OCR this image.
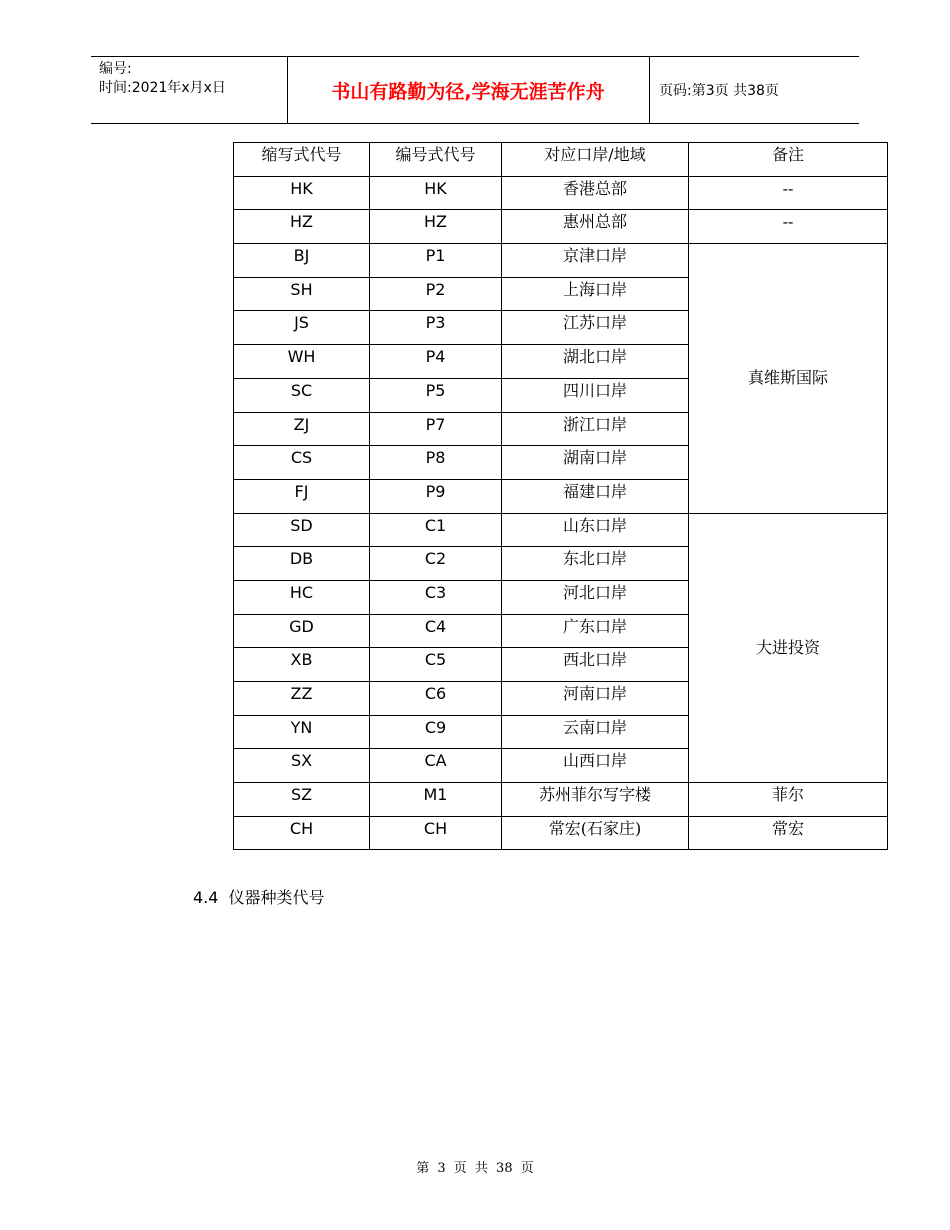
编号:
时间:2021年x月x日	书山有路勤为径,学海无涯苦作舟	页码:第3页 共38页
缩写式代号	编号式代号	对应口岸/地域	备注
HK	HK	香港总部	--
HZ	HZ	惠州总部	--
BJ	P1	京津口岸	真维斯国际
SH	P2	上海口岸	
JS	P3	江苏口岸	
WH	P4	湖北口岸	
SC	P5	四川口岸	
ZJ	P7	浙江口岸	
CS	P8	湖南口岸	
FJ	P9	福建口岸	
SD	C1	山东口岸	大进投资
DB	C2	东北口岸	
HC	C3	河北口岸	
GD	C4	广东口岸	
XB	C5	西北口岸	
ZZ	C6	河南口岸	
YN	C9	云南口岸	
SX	CA	山西口岸	
SZ	M1	苏州菲尔写字楼	菲尔
CH	CH	常宏(石家庄)	常宏
4.4 仪器种类代号
第 3 页 共 38 页
